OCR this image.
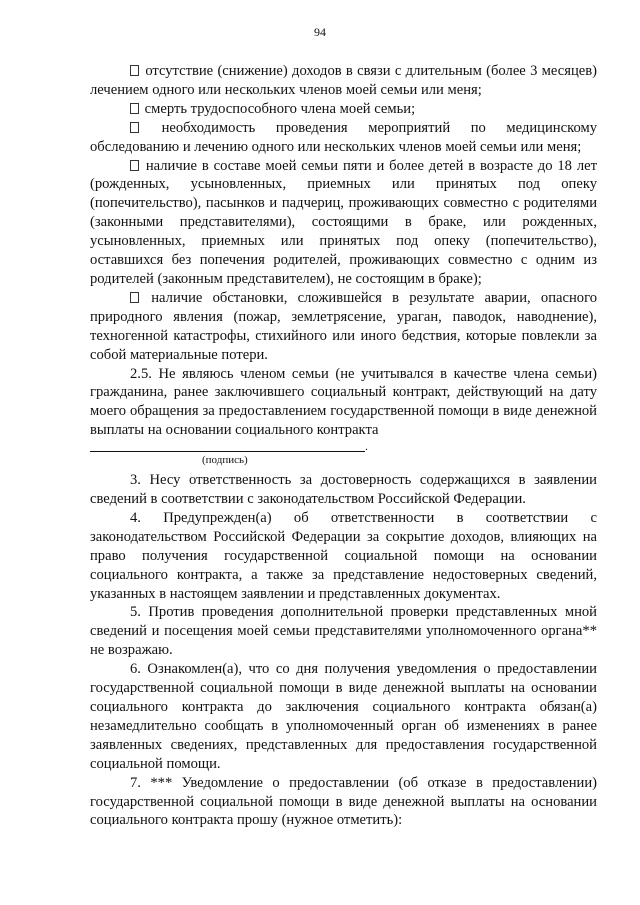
94

отсутствие (снижение) доходов в связи с длительным (более 3 месяцев) лечением одного или нескольких членов моей семьи или меня;

смерть трудоспособного члена моей семьи;

необходимость проведения мероприятий по медицинскому обследованию и лечению одного или нескольких членов моей семьи или меня;

наличие в составе моей семьи пяти и более детей в возрасте до 18 лет (рожденных, усыновленных, приемных или принятых под опеку (попечительство), пасынков и падчериц, проживающих совместно с родителями (законными представителями), состоящими в браке, или рожденных, усыновленных, приемных или принятых под опеку (попечительство), оставшихся без попечения родителей, проживающих совместно с одним из родителей (законным представителем), не состоящим в браке);

наличие обстановки, сложившейся в результате аварии, опасного природного явления (пожар, землетрясение, ураган, паводок, наводнение), техногенной катастрофы, стихийного или иного бедствия, которые повлекли за собой материальные потери.

2.5. Не являюсь членом семьи (не учитывался в качестве члена семьи) гражданина, ранее заключившего социальный контракт, действующий на дату моего обращения за предоставлением государственной помощи в виде денежной выплаты на основании социального контракта

.
(подпись)

3. Несу ответственность за достоверность содержащихся в заявлении сведений в соответствии с законодательством Российской Федерации.

4. Предупрежден(а) об ответственности в соответствии с законодательством Российской Федерации за сокрытие доходов, влияющих на право получения государственной социальной помощи на основании социального контракта, а также за представление недостоверных сведений, указанных в настоящем заявлении и представленных документах.

5. Против проведения дополнительной проверки представленных мной сведений и посещения моей семьи представителями уполномоченного органа** не возражаю.

6. Ознакомлен(а), что со дня получения уведомления о предоставлении государственной социальной помощи в виде денежной выплаты на основании социального контракта до заключения социального контракта обязан(а) незамедлительно сообщать в уполномоченный орган об изменениях в ранее заявленных сведениях, представленных для предоставления государственной социальной помощи.

7. *** Уведомление о предоставлении (об отказе в предоставлении) государственной социальной помощи в виде денежной выплаты на основании социального контракта прошу (нужное отметить):
